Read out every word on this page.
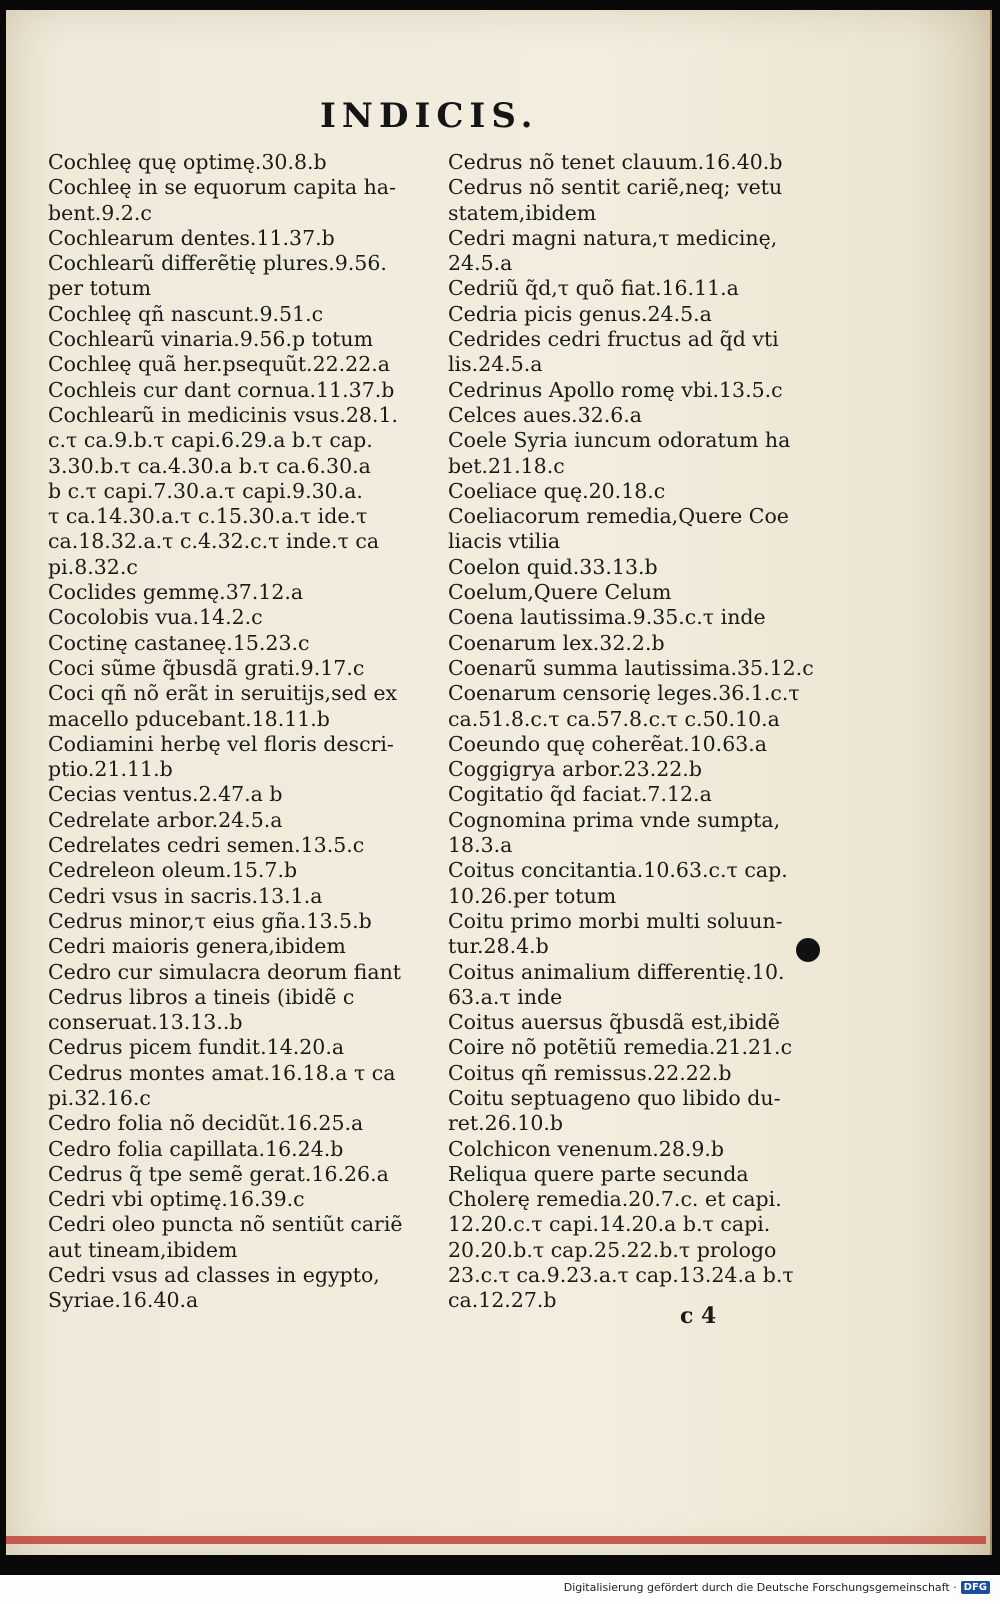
INDICIS.
Cochleę quę optimę.30.8.b
Cochleę in se equorum capita ha-
bent.9.2.c
Cochlearum dentes.11.37.b
Cochlearũ differẽtię plures.9.56.
per totum
Cochleę qñ nascunt.9.51.c
Cochlearũ vinaria.9.56.p totum
Cochleę quã her.psequũt.22.22.a
Cochleis cur dant cornua.11.37.b
Cochlearũ in medicinis vsus.28.1.
c.τ ca.9.b.τ capi.6.29.a b.τ cap.
3.30.b.τ ca.4.30.a b.τ ca.6.30.a
b c.τ capi.7.30.a.τ capi.9.30.a.
τ ca.14.30.a.τ c.15.30.a.τ ide.τ
ca.18.32.a.τ c.4.32.c.τ inde.τ ca
pi.8.32.c
Coclides gemmę.37.12.a
Cocolobis vua.14.2.c
Coctinę castaneę.15.23.c
Coci sũme q̃busdã grati.9.17.c
Coci qñ nõ erãt in seruitijs,sed ex
macello pducebant.18.11.b
Codiamini herbę vel floris descri-
ptio.21.11.b
Cecias ventus.2.47.a b
Cedrelate arbor.24.5.a
Cedrelates cedri semen.13.5.c
Cedreleon oleum.15.7.b
Cedri vsus in sacris.13.1.a
Cedrus minor,τ eius gñа.13.5.b
Cedri maioris genera,ibidem
Cedro cur simulacra deorum fiant
Cedrus libros a tineis (ibidẽ c
conseruat.13.13..b
Cedrus picem fundit.14.20.a
Cedrus montes amat.16.18.a τ ca
pi.32.16.c
Cedro folia nõ decidũt.16.25.a
Cedro folia capillata.16.24.b
Cedrus q̃ tpe semẽ gerat.16.26.a
Cedri vbi optimę.16.39.c
Cedri oleo puncta nõ sentiũt cariẽ
aut tineam,ibidem
Cedri vsus ad classes in egypto,
Syriae.16.40.a
Cedrus nõ tenet clauum.16.40.b
Cedrus nõ sentit cariẽ,neq; vetu
statem,ibidem
Cedri magni natura,τ medicinę,
24.5.a
Cedriũ q̃d,τ quõ fiat.16.11.a
Cedria picis genus.24.5.a
Cedrides cedri fructus ad q̃d vti
lis.24.5.a
Cedrinus Apollo romę vbi.13.5.c
Celces aues.32.6.a
Coele Syria iuncum odoratum ha
bet.21.18.c
Coeliace quę.20.18.c
Coeliacorum remedia,Quere Coe
liacis vtilia
Coelon quid.33.13.b
Coelum,Quere Celum
Coena lautissima.9.35.c.τ inde
Coenarum lex.32.2.b
Coenarũ summa lautissima.35.12.c
Coenarum censorię leges.36.1.c.τ
ca.51.8.c.τ ca.57.8.c.τ c.50.10.a
Coeundo quę coherẽat.10.63.a
Coggigrya arbor.23.22.b
Cogitatio q̃d faciat.7.12.a
Cognomina prima vnde sumpta,
18.3.a
Coitus concitantia.10.63.c.τ cap.
10.26.per totum
Coitu primo morbi multi soluun-
tur.28.4.b
Coitus animalium differentię.10.
63.a.τ inde
Coitus auersus q̃busdã est,ibidẽ
Coire nõ potẽtiũ remedia.21.21.c
Coitus qñ remissus.22.22.b
Coitu septuageno quo libido du-
ret.26.10.b
Colchicon venenum.28.9.b
Reliqua quere parte secunda
Cholerę remedia.20.7.c. et capi.
12.20.c.τ capi.14.20.a b.τ capi.
20.20.b.τ cap.25.22.b.τ prologo
23.c.τ ca.9.23.a.τ cap.13.24.a b.τ
ca.12.27.b
c 4
Digitalisierung gefördert durch die Deutsche Forschungsgemeinschaft · DFG
